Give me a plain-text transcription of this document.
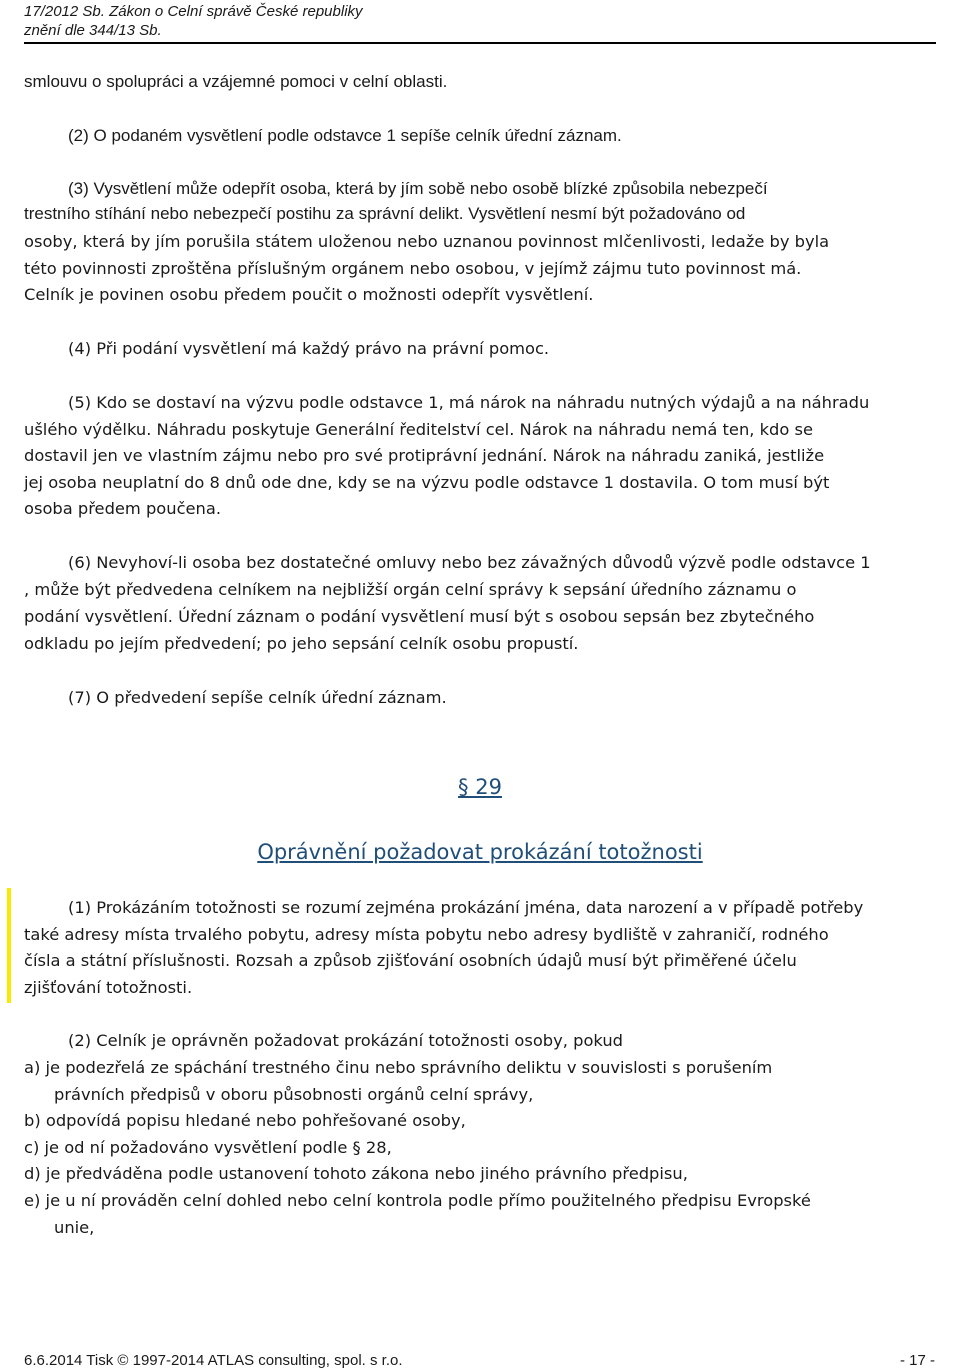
17/2012 Sb. Zákon o Celní správě České republiky
znění dle 344/13 Sb.
smlouvu o spolupráci a vzájemné pomoci v celní oblasti.
(2) O podaném vysvětlení podle odstavce 1 sepíše celník úřední záznam.
(3) Vysvětlení může odepřít osoba, která by jím sobě nebo osobě blízké způsobila nebezpečí
trestního stíhání nebo nebezpečí postihu za správní delikt. Vysvětlení nesmí být požadováno od
osoby, která by jím porušila státem uloženou nebo uznanou povinnost mlčenlivosti, ledaže by byla
této povinnosti zproštěna příslušným orgánem nebo osobou, v jejímž zájmu tuto povinnost má.
Celník je povinen osobu předem poučit o možnosti odepřít vysvětlení.
(4) Při podání vysvětlení má každý právo na právní pomoc.
(5) Kdo se dostaví na výzvu podle odstavce 1, má nárok na náhradu nutných výdajů a na náhradu
ušlého výdělku. Náhradu poskytuje Generální ředitelství cel. Nárok na náhradu nemá ten, kdo se
dostavil jen ve vlastním zájmu nebo pro své protiprávní jednání. Nárok na náhradu zaniká, jestliže
jej osoba neuplatní do 8 dnů ode dne, kdy se na výzvu podle odstavce 1 dostavila. O tom musí být
osoba předem poučena.
(6) Nevyhoví-li osoba bez dostatečné omluvy nebo bez závažných důvodů výzvě podle odstavce 1
, může být předvedena celníkem na nejbližší orgán celní správy k sepsání úředního záznamu o
podání vysvětlení. Úřední záznam o podání vysvětlení musí být s osobou sepsán bez zbytečného
odkladu po jejím předvedení; po jeho sepsání celník osobu propustí.
(7) O předvedení sepíše celník úřední záznam.
§ 29
Oprávnění požadovat prokázání totožnosti
(1) Prokázáním totožnosti se rozumí zejména prokázání jména, data narození a v případě potřeby
také adresy místa trvalého pobytu, adresy místa pobytu nebo adresy bydliště v zahraničí, rodného
čísla a státní příslušnosti. Rozsah a způsob zjišťování osobních údajů musí být přiměřené účelu
zjišťování totožnosti.
(2) Celník je oprávněn požadovat prokázání totožnosti osoby, pokud
a) je podezřelá ze spáchání trestného činu nebo správního deliktu v souvislosti s porušením
právních předpisů v oboru působnosti orgánů celní správy,
b) odpovídá popisu hledané nebo pohřešované osoby,
c) je od ní požadováno vysvětlení podle § 28,
d) je předváděna podle ustanovení tohoto zákona nebo jiného právního předpisu,
e) je u ní prováděn celní dohled nebo celní kontrola podle přímo použitelného předpisu Evropské
unie,
6.6.2014 Tisk © 1997-2014 ATLAS consulting, spol. s r.o.	- 17 -
